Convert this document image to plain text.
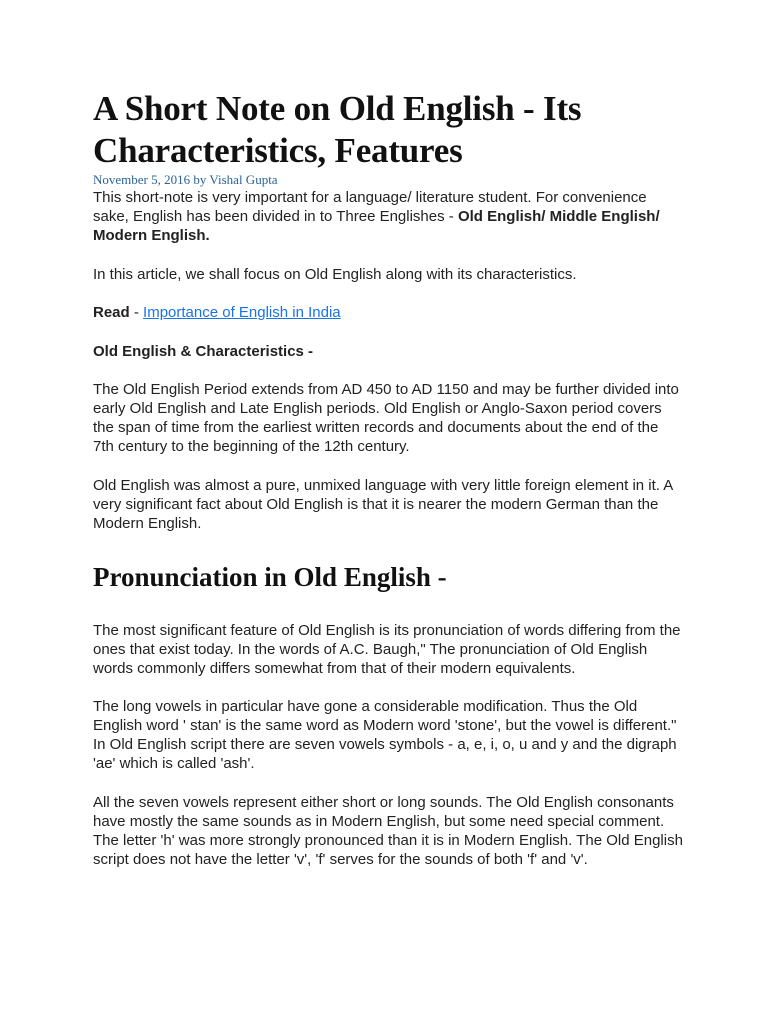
A Short Note on Old English - Its Characteristics, Features
November 5, 2016 by Vishal Gupta

This short-note is very important for a language/ literature student. For convenience sake, English has been divided in to Three Englishes - Old English/ Middle English/ Modern English.

In this article, we shall focus on Old English along with its characteristics.

Read - Importance of English in India

Old English & Characteristics -

The Old English Period extends from AD 450 to AD 1150 and may be further divided into early Old English and Late English periods. Old English or Anglo-Saxon period covers the span of time from the earliest written records and documents about the end of the 7th century to the beginning of the 12th century.

Old English was almost a pure, unmixed language with very little foreign element in it. A very significant fact about Old English is that it is nearer the modern German than the Modern English.

Pronunciation in Old English -

The most significant feature of Old English is its pronunciation of words differing from the ones that exist today. In the words of A.C. Baugh," The pronunciation of Old English words commonly differs somewhat from that of their modern equivalents.

The long vowels in particular have gone a considerable modification. Thus the Old English word ' stan' is the same word as Modern word 'stone', but the vowel is different." In Old English script there are seven vowels symbols - a, e, i, o, u and y and the digraph 'ae' which is called 'ash'.

All the seven vowels represent either short or long sounds. The Old English consonants have mostly the same sounds as in Modern English, but some need special comment. The letter 'h' was more strongly pronounced than it is in Modern English. The Old English script does not have the letter 'v', 'f' serves for the sounds of both 'f' and 'v'.
